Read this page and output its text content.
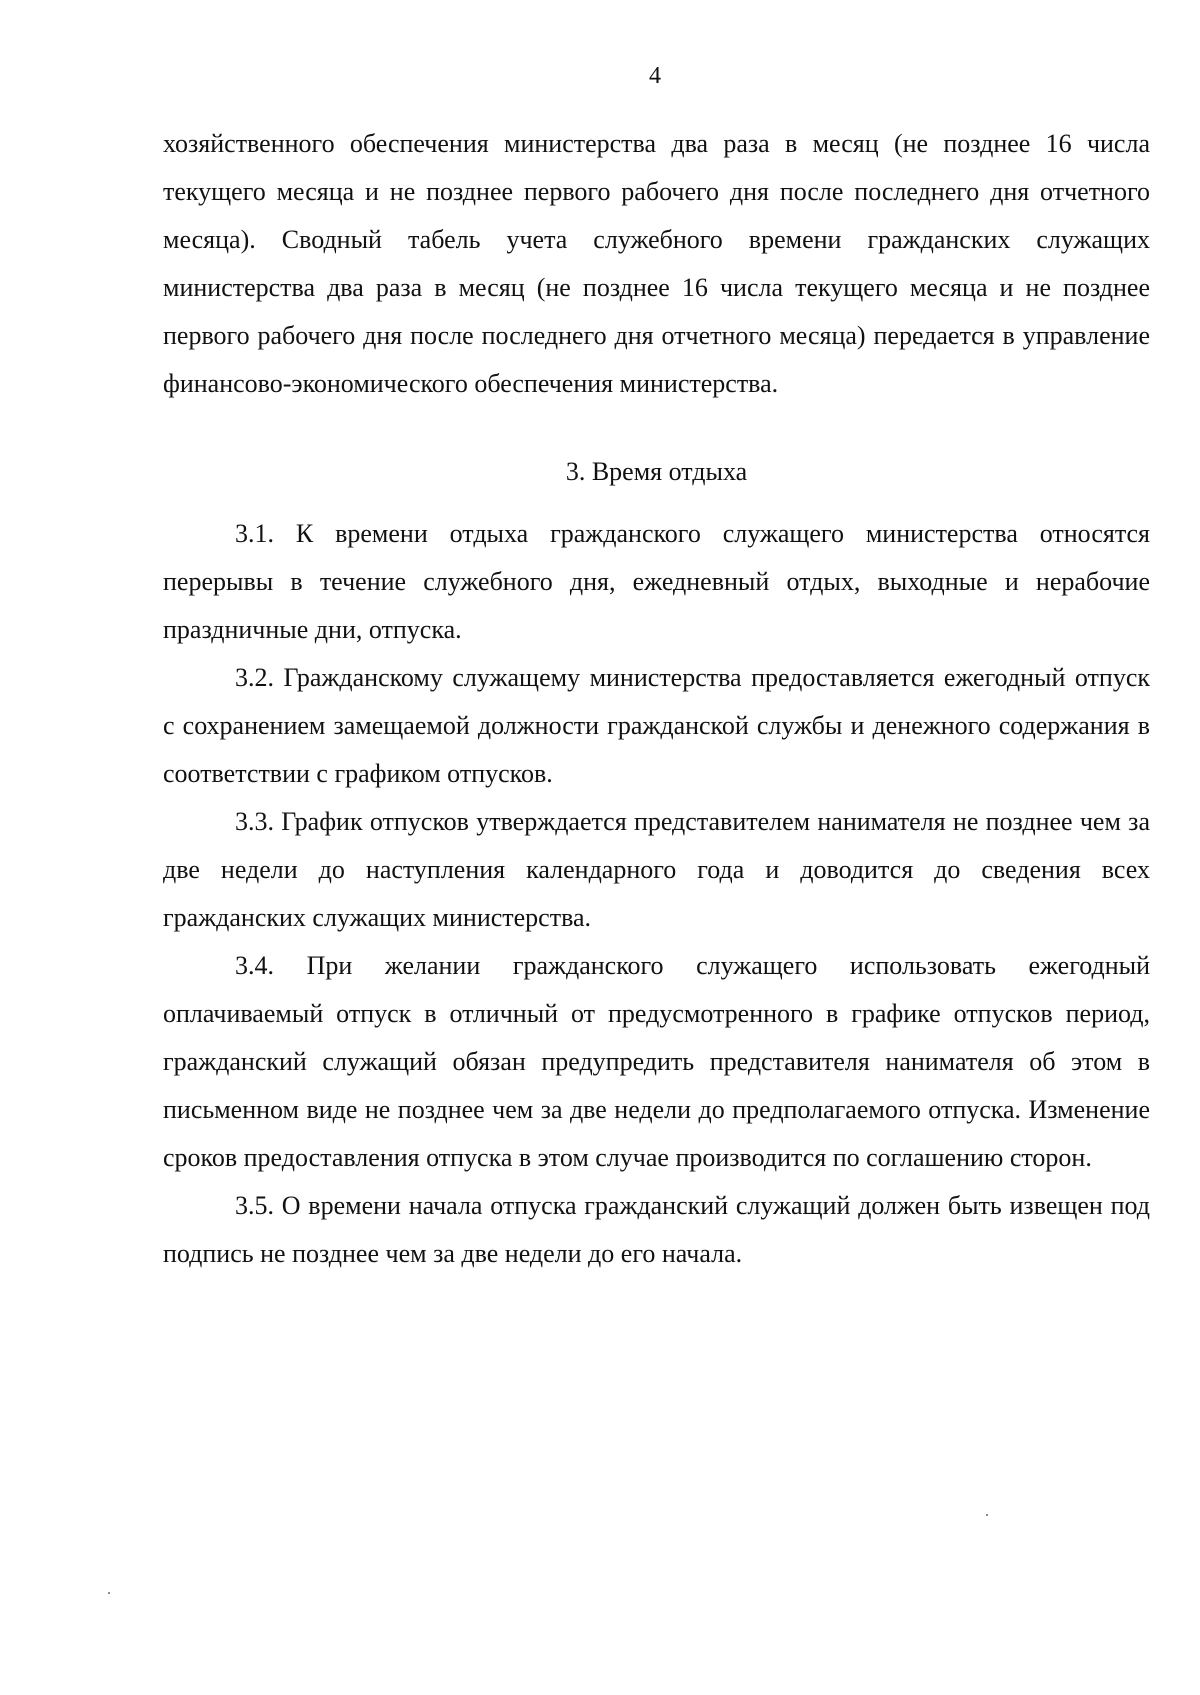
4

хозяйственного обеспечения министерства два раза в месяц (не позднее 16 числа текущего месяца и не позднее первого рабочего дня после последнего дня отчетного месяца). Сводный табель учета служебного времени гражданских служащих министерства два раза в месяц (не позднее 16 числа текущего месяца и не позднее первого рабочего дня после последнего дня отчетного месяца) передается в управление финансово-экономического обеспечения министерства.

3. Время отдыха

3.1. К времени отдыха гражданского служащего министерства относятся перерывы в течение служебного дня, ежедневный отдых, выходные и нерабочие праздничные дни, отпуска.

3.2. Гражданскому служащему министерства предоставляется ежегодный отпуск с сохранением замещаемой должности гражданской службы и денежного содержания в соответствии с графиком отпусков.

3.3. График отпусков утверждается представителем нанимателя не позднее чем за две недели до наступления календарного года и доводится до сведения всех гражданских служащих министерства.

3.4. При желании гражданского служащего использовать ежегодный оплачиваемый отпуск в отличный от предусмотренного в графике отпусков период, гражданский служащий обязан предупредить представителя нанимателя об этом в письменном виде не позднее чем за две недели до предполагаемого отпуска. Изменение сроков предоставления отпуска в этом случае производится по соглашению сторон.

3.5. О времени начала отпуска гражданский служащий должен быть извещен под подпись не позднее чем за две недели до его начала.
